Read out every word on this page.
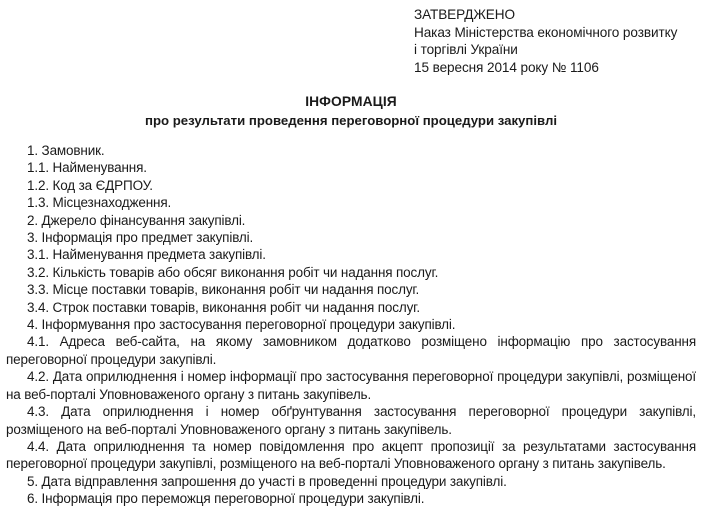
ЗАТВЕРДЖЕНО
Наказ Міністерства економічного розвитку
і торгівлі України
15 вересня 2014 року № 1106
ІНФОРМАЦІЯ
про результати проведення переговорної процедури закупівлі
1. Замовник.
1.1. Найменування.
1.2. Код за ЄДРПОУ.
1.3. Місцезнаходження.
2. Джерело фінансування закупівлі.
3. Інформація про предмет закупівлі.
3.1. Найменування предмета закупівлі.
3.2. Кількість товарів або обсяг виконання робіт чи надання послуг.
3.3. Місце поставки товарів, виконання робіт чи надання послуг.
3.4. Строк поставки товарів, виконання робіт чи надання послуг.
4. Інформування про застосування переговорної процедури закупівлі.
4.1. Адреса веб-сайта, на якому замовником додатково розміщено інформацію про застосування переговорної процедури закупівлі.
4.2. Дата оприлюднення і номер інформації про застосування переговорної процедури закупівлі, розміщеної на веб-порталі Уповноваженого органу з питань закупівель.
4.3. Дата оприлюднення і номер обґрунтування застосування переговорної процедури закупівлі, розміщеного на веб-порталі Уповноваженого органу з питань закупівель.
4.4. Дата оприлюднення та номер повідомлення про акцепт пропозиції за результатами застосування переговорної процедури закупівлі, розміщеного на веб-порталі Уповноваженого органу з питань закупівель.
5. Дата відправлення запрошення до участі в проведенні процедури закупівлі.
6. Інформація про переможця переговорної процедури закупівлі.
